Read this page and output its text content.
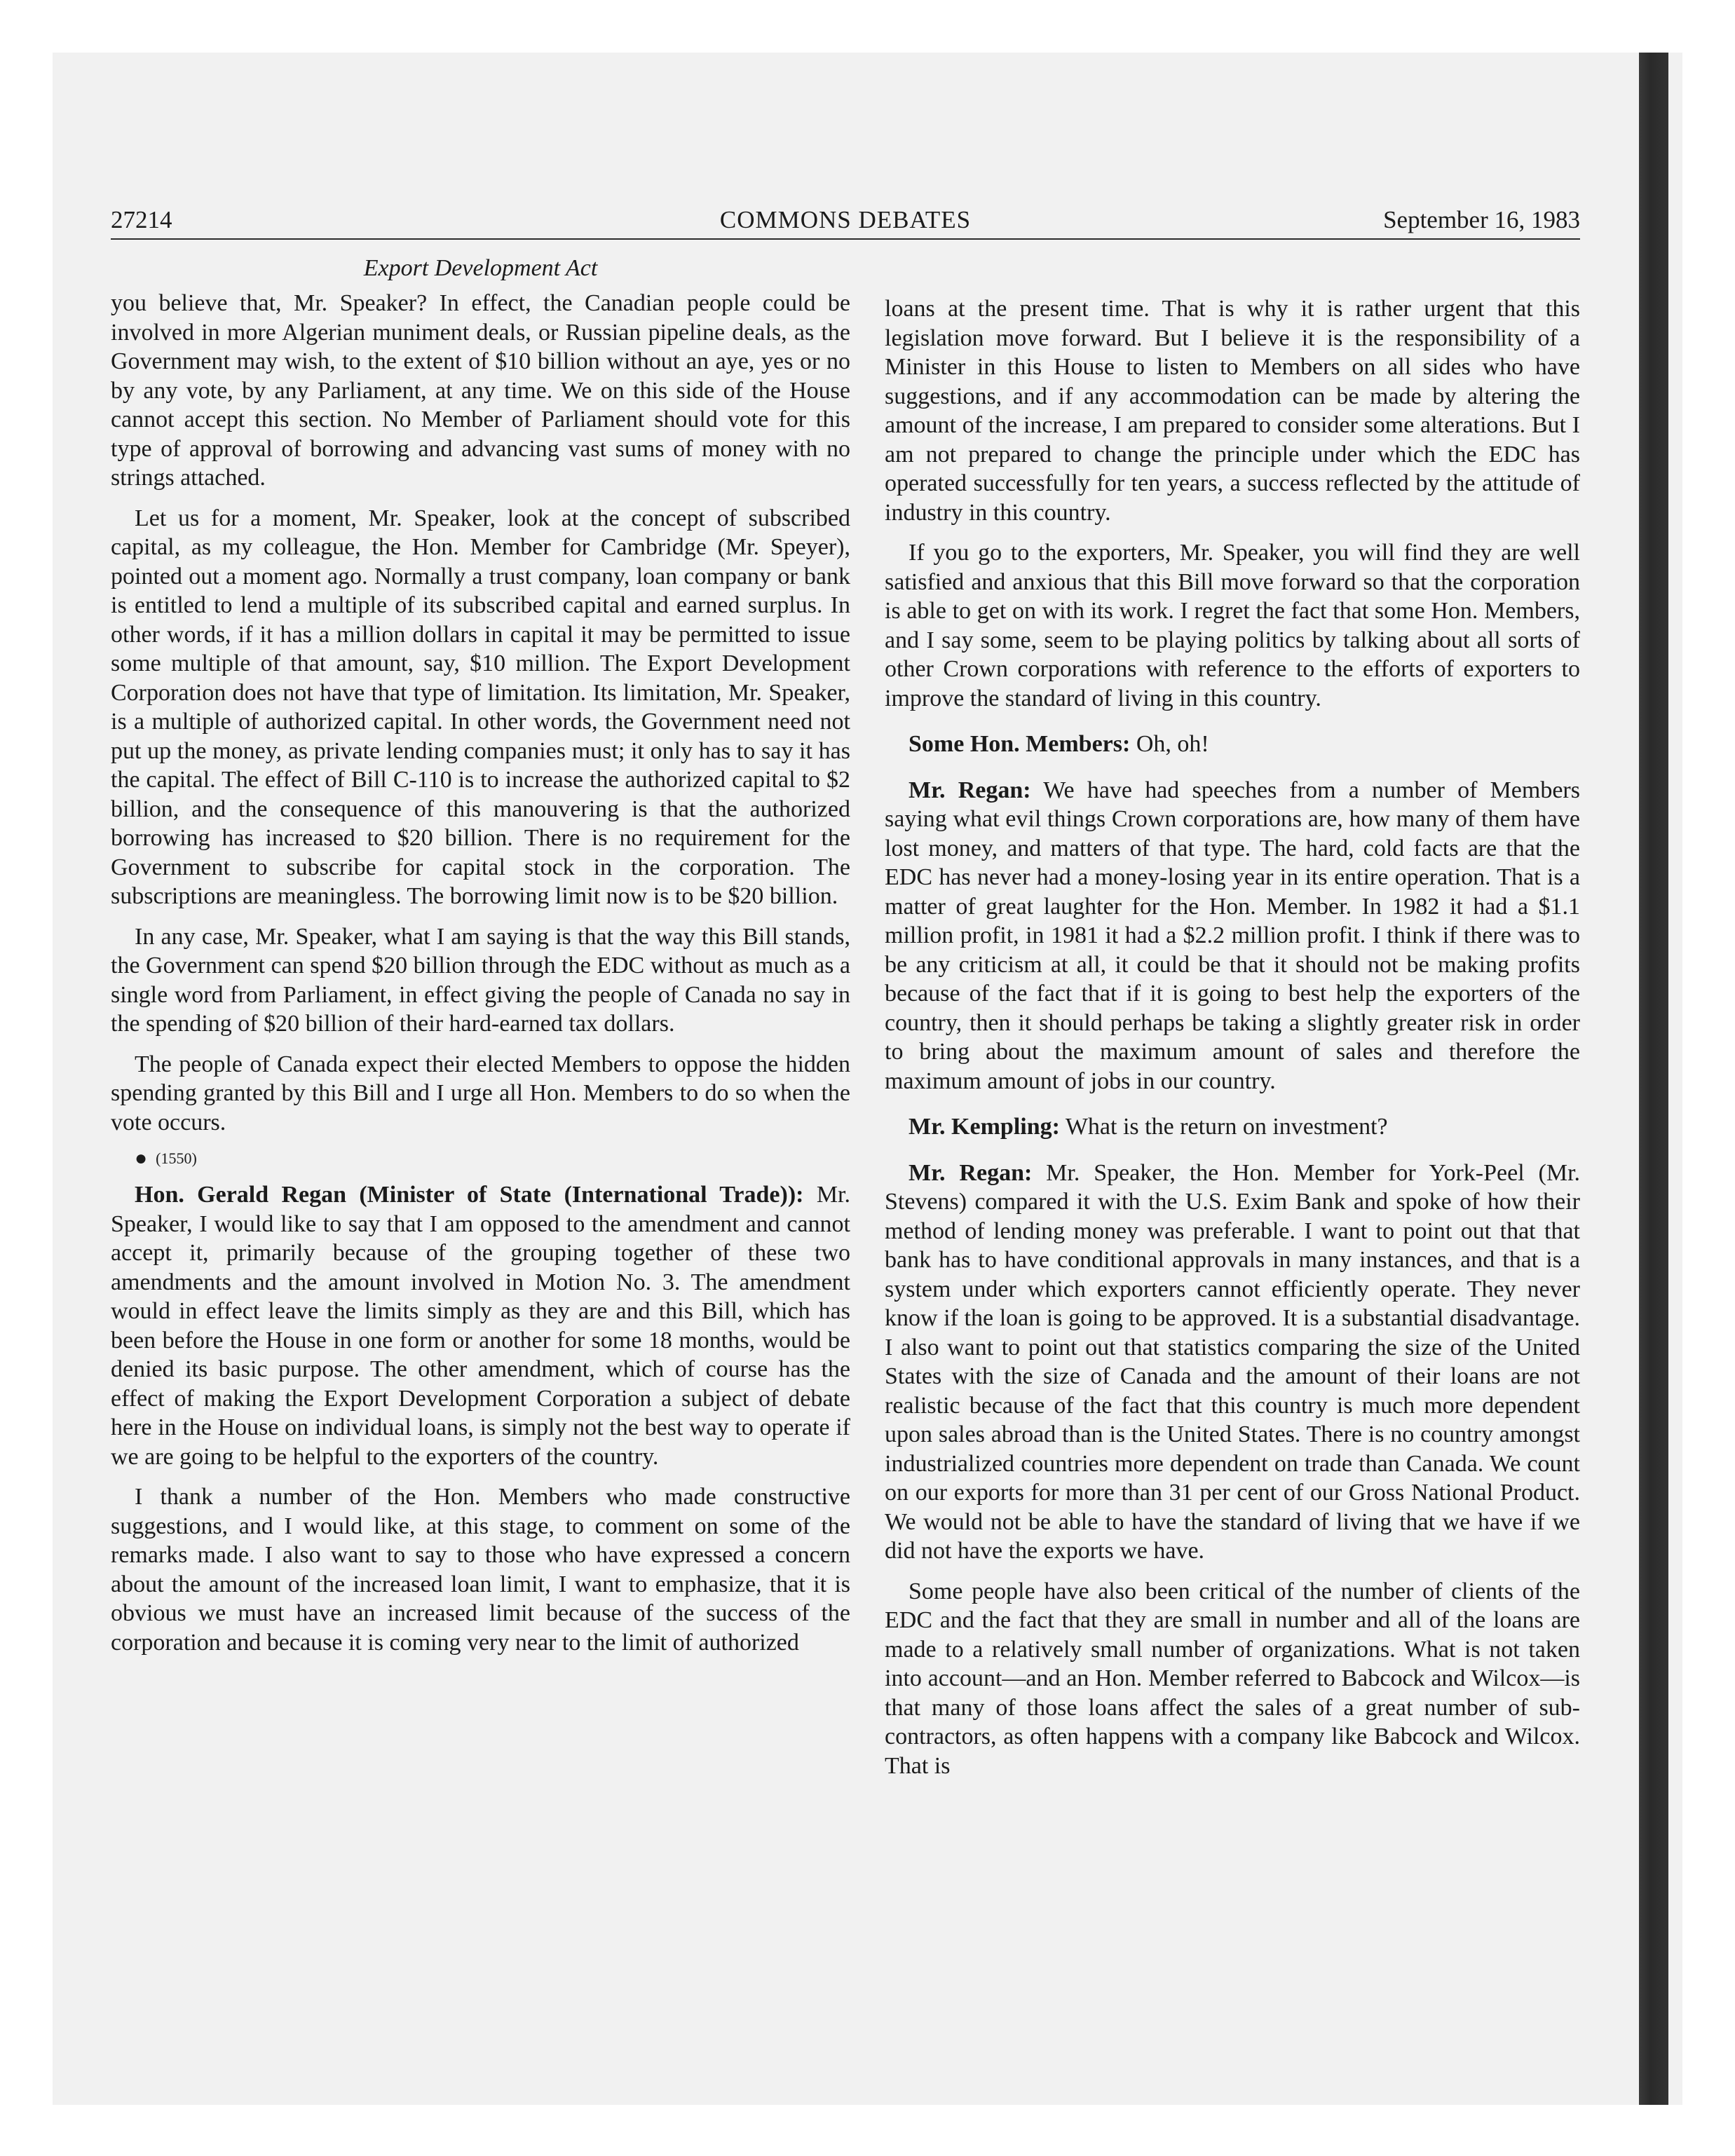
27214	COMMONS DEBATES	September 16, 1983
Export Development Act

you believe that, Mr. Speaker? In effect, the Canadian people could be involved in more Algerian muniment deals, or Russian pipeline deals, as the Government may wish, to the extent of $10 billion without an aye, yes or no by any vote, by any Parliament, at any time. We on this side of the House cannot accept this section. No Member of Parliament should vote for this type of approval of borrowing and advancing vast sums of money with no strings attached.

Let us for a moment, Mr. Speaker, look at the concept of subscribed capital, as my colleague, the Hon. Member for Cambridge (Mr. Speyer), pointed out a moment ago. Normally a trust company, loan company or bank is entitled to lend a multiple of its subscribed capital and earned surplus. In other words, if it has a million dollars in capital it may be permitted to issue some multiple of that amount, say, $10 million. The Export Development Corporation does not have that type of limitation. Its limitation, Mr. Speaker, is a multiple of authorized capital. In other words, the Government need not put up the money, as private lending companies must; it only has to say it has the capital. The effect of Bill C-110 is to increase the authorized capital to $2 billion, and the consequence of this manouvering is that the authorized borrowing has increased to $20 billion. There is no requirement for the Government to subscribe for capital stock in the corporation. The subscriptions are meaningless. The borrowing limit now is to be $20 billion.

In any case, Mr. Speaker, what I am saying is that the way this Bill stands, the Government can spend $20 billion through the EDC without as much as a single word from Parliament, in effect giving the people of Canada no say in the spending of $20 billion of their hard-earned tax dollars.

The people of Canada expect their elected Members to oppose the hidden spending granted by this Bill and I urge all Hon. Members to do so when the vote occurs.

● (1550)

Hon. Gerald Regan (Minister of State (International Trade)): Mr. Speaker, I would like to say that I am opposed to the amendment and cannot accept it, primarily because of the grouping together of these two amendments and the amount involved in Motion No. 3. The amendment would in effect leave the limits simply as they are and this Bill, which has been before the House in one form or another for some 18 months, would be denied its basic purpose. The other amendment, which of course has the effect of making the Export Development Corporation a subject of debate here in the House on individual loans, is simply not the best way to operate if we are going to be helpful to the exporters of the country.

I thank a number of the Hon. Members who made constructive suggestions, and I would like, at this stage, to comment on some of the remarks made. I also want to say to those who have expressed a concern about the amount of the increased loan limit, I want to emphasize, that it is obvious we must have an increased limit because of the success of the corporation and because it is coming very near to the limit of authorized

loans at the present time. That is why it is rather urgent that this legislation move forward. But I believe it is the responsibility of a Minister in this House to listen to Members on all sides who have suggestions, and if any accommodation can be made by altering the amount of the increase, I am prepared to consider some alterations. But I am not prepared to change the principle under which the EDC has operated successfully for ten years, a success reflected by the attitude of industry in this country.

If you go to the exporters, Mr. Speaker, you will find they are well satisfied and anxious that this Bill move forward so that the corporation is able to get on with its work. I regret the fact that some Hon. Members, and I say some, seem to be playing politics by talking about all sorts of other Crown corporations with reference to the efforts of exporters to improve the standard of living in this country.

Some Hon. Members: Oh, oh!

Mr. Regan: We have had speeches from a number of Members saying what evil things Crown corporations are, how many of them have lost money, and matters of that type. The hard, cold facts are that the EDC has never had a money-losing year in its entire operation. That is a matter of great laughter for the Hon. Member. In 1982 it had a $1.1 million profit, in 1981 it had a $2.2 million profit. I think if there was to be any criticism at all, it could be that it should not be making profits because of the fact that if it is going to best help the exporters of the country, then it should perhaps be taking a slightly greater risk in order to bring about the maximum amount of sales and therefore the maximum amount of jobs in our country.

Mr. Kempling: What is the return on investment?

Mr. Regan: Mr. Speaker, the Hon. Member for York-Peel (Mr. Stevens) compared it with the U.S. Exim Bank and spoke of how their method of lending money was preferable. I want to point out that that bank has to have conditional approvals in many instances, and that is a system under which exporters cannot efficiently operate. They never know if the loan is going to be approved. It is a substantial disadvantage. I also want to point out that statistics comparing the size of the United States with the size of Canada and the amount of their loans are not realistic because of the fact that this country is much more dependent upon sales abroad than is the United States. There is no country amongst industrialized countries more dependent on trade than Canada. We count on our exports for more than 31 per cent of our Gross National Product. We would not be able to have the standard of living that we have if we did not have the exports we have.

Some people have also been critical of the number of clients of the EDC and the fact that they are small in number and all of the loans are made to a relatively small number of organizations. What is not taken into account—and an Hon. Member referred to Babcock and Wilcox—is that many of those loans affect the sales of a great number of sub-contractors, as often happens with a company like Babcock and Wilcox. That is
